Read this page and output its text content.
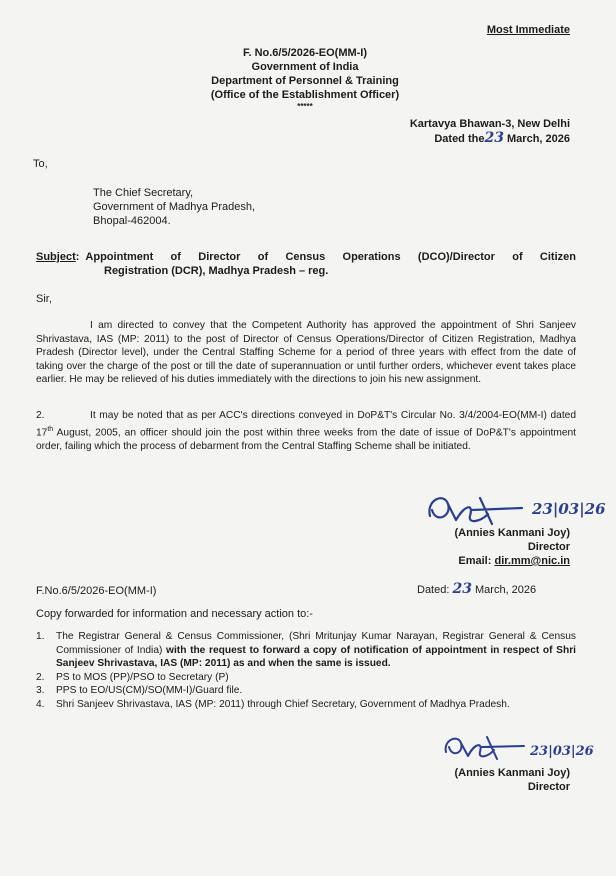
Most Immediate
F. No.6/5/2026-EO(MM-I)
Government of India
Department of Personnel & Training
(Office of the Establishment Officer)
*****
Kartavya Bhawan-3, New Delhi
Dated the23 March, 2026
To,
The Chief Secretary,
Government of Madhya Pradesh,
Bhopal-462004.
Subject: Appointment of Director of Census Operations (DCO)/Director of Citizen
Registration (DCR), Madhya Pradesh – reg.
Sir,
I am directed to convey that the Competent Authority has approved the appointment of Shri Sanjeev Shrivastava, IAS (MP: 2011) to the post of Director of Census Operations/Director of Citizen Registration, Madhya Pradesh (Director level), under the Central Staffing Scheme for a period of three years with effect from the date of taking over the charge of the post or till the date of superannuation or until further orders, whichever event takes place earlier. He may be relieved of his duties immediately with the directions to join his new assignment.
2.	It may be noted that as per ACC's directions conveyed in DoP&T's Circular No. 3/4/2004-EO(MM-I) dated 17th August, 2005, an officer should join the post within three weeks from the date of issue of DoP&T's appointment order, failing which the process of debarment from the Central Staffing Scheme shall be initiated.
23|03|26
(Annies Kanmani Joy)
Director
Email: dir.mm@nic.in
F.No.6/5/2026-EO(MM-I)	Dated: 23 March, 2026
Copy forwarded for information and necessary action to:-
1. The Registrar General & Census Commissioner, (Shri Mritunjay Kumar Narayan, Registrar General & Census Commissioner of India) with the request to forward a copy of notification of appointment in respect of Shri Sanjeev Shrivastava, IAS (MP: 2011) as and when the same is issued.
2. PS to MOS (PP)/PSO to Secretary (P)
3. PPS to EO/US(CM)/SO(MM-I)/Guard file.
4. Shri Sanjeev Shrivastava, IAS (MP: 2011) through Chief Secretary, Government of Madhya Pradesh.
23|03|26
(Annies Kanmani Joy)
Director
